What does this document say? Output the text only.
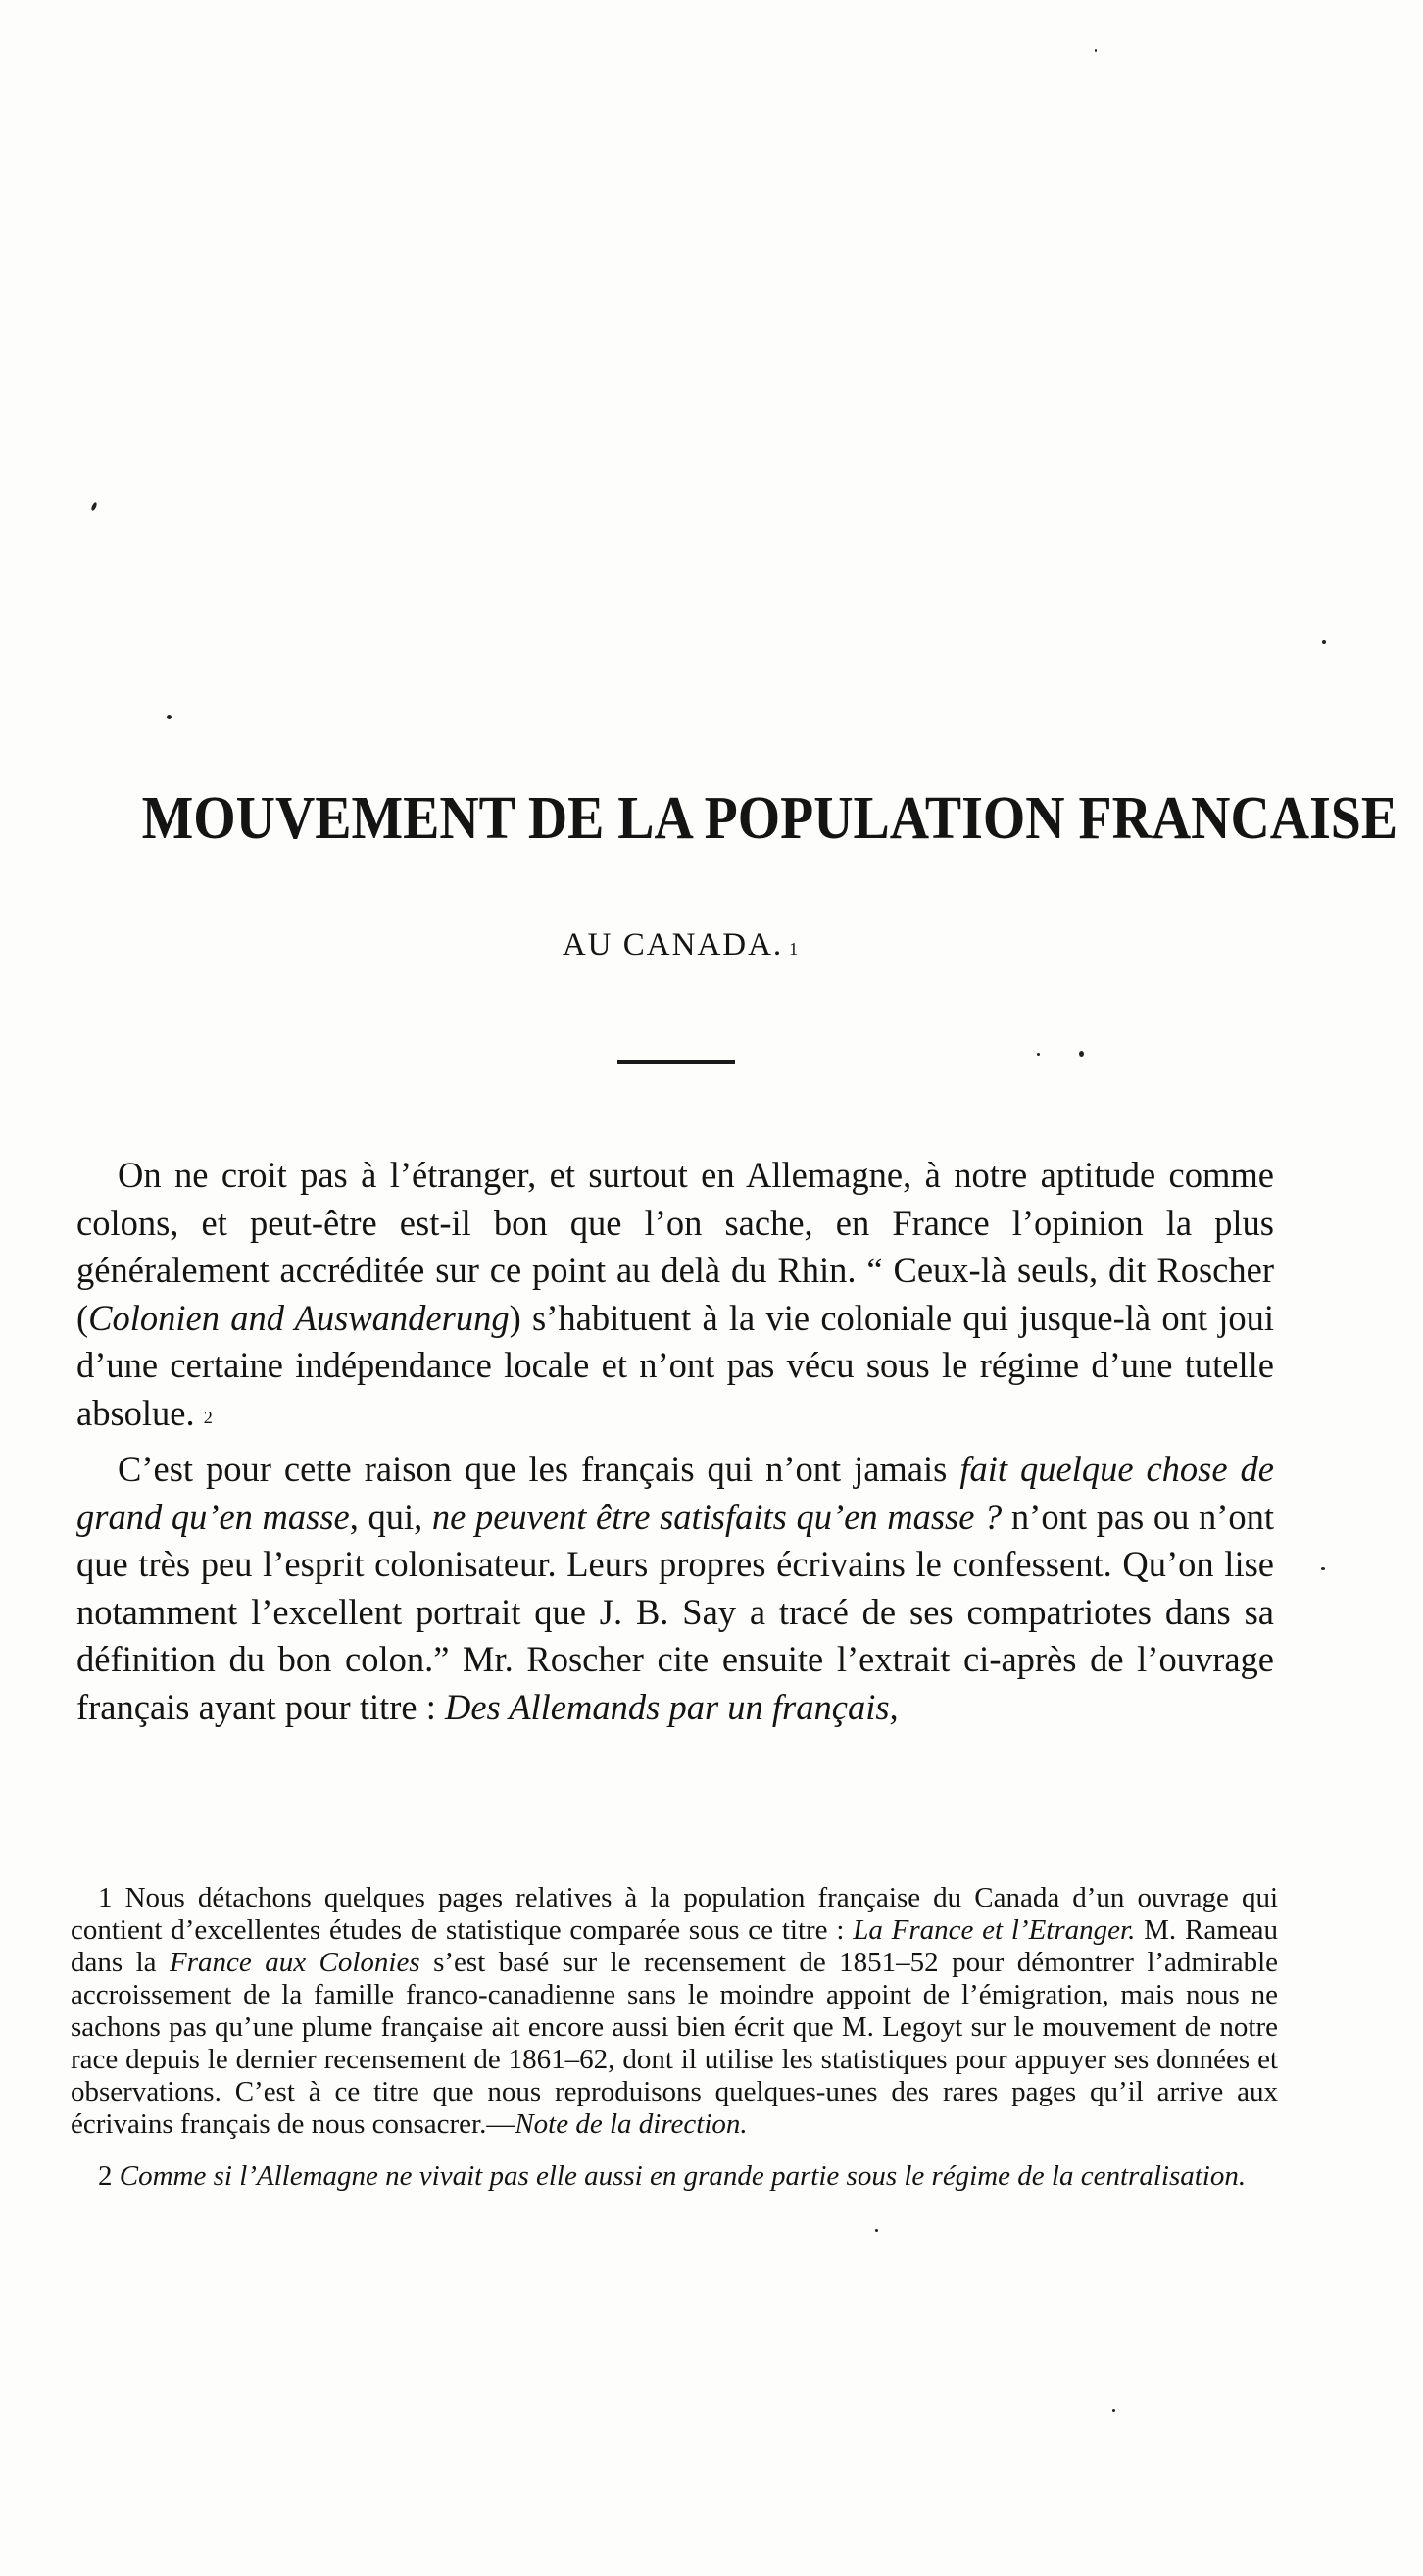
MOUVEMENT DE LA POPULATION FRANCAISE
AU CANADA. $^1$

On ne croit pas à l’étranger, et surtout en Allemagne, à notre aptitude comme colons, et peut-être est-il bon que l’on sache, en France l’opinion la plus généralement accréditée sur ce point au delà du Rhin. “ Ceux-là seuls, dit Roscher (Colonien and Auswanderung) s’habituent à la vie coloniale qui jusque-là ont joui d’une certaine indépendance locale et n’ont pas vécu sous le régime d’une tutelle absolue. $^2$

C’est pour cette raison que les français qui n’ont jamais fait quelque chose de grand qu’en masse, qui, ne peuvent être satisfaits qu’en masse ? n’ont pas ou n’ont que très peu l’esprit colonisateur. Leurs propres écrivains le confessent. Qu’on lise notamment l’excellent portrait que J. B. Say a tracé de ses compatriotes dans sa définition du bon colon.” Mr. Roscher cite ensuite l’extrait ci-après de l’ouvrage français ayant pour titre : Des Allemands par un français,

1 Nous détachons quelques pages relatives à la population française du Canada d’un ouvrage qui contient d’excellentes études de statistique comparée sous ce titre : La France et l’Etranger. M. Rameau dans la France aux Colonies s’est basé sur le recensement de 1851–52 pour démontrer l’admirable accroissement de la famille franco-canadienne sans le moindre appoint de l’émigration, mais nous ne sachons pas qu’une plume française ait encore aussi bien écrit que M. Legoyt sur le mouvement de notre race depuis le dernier recensement de 1861–62, dont il utilise les statistiques pour appuyer ses données et observations. C’est à ce titre que nous reproduisons quelques-unes des rares pages qu’il arrive aux écrivains français de nous consacrer.—Note de la direction.

2 Comme si l’Allemagne ne vivait pas elle aussi en grande partie sous le régime de la centralisation.
